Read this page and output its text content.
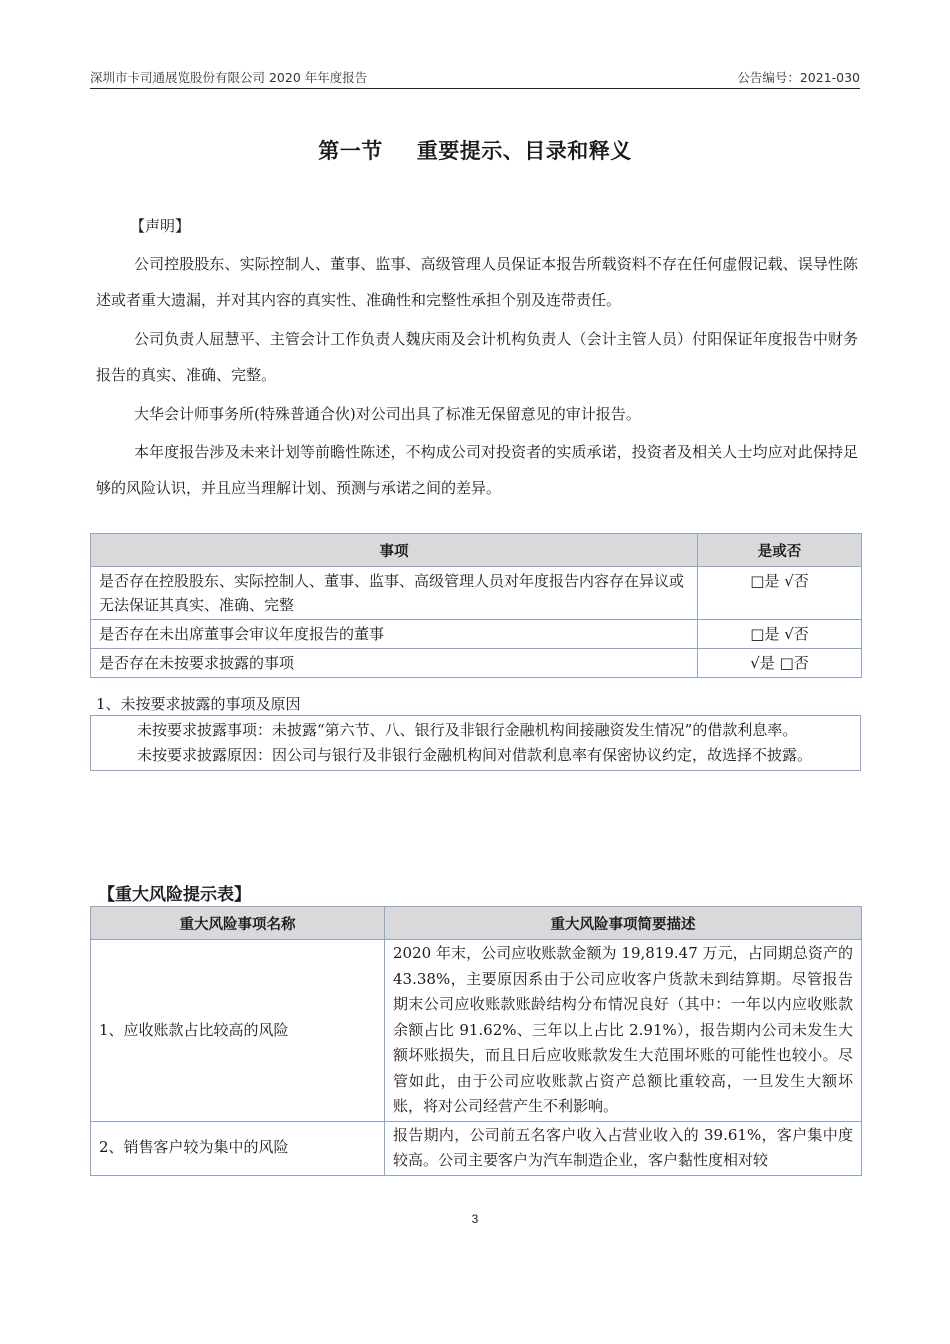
深圳市卡司通展览股份有限公司 2020 年年度报告	公告编号：2021-030
第一节 重要提示、目录和释义
【声明】
公司控股股东、实际控制人、董事、监事、高级管理人员保证本报告所载资料不存在任何虚假记载、误导性陈述或者重大遗漏，并对其内容的真实性、准确性和完整性承担个别及连带责任。
公司负责人屈慧平、主管会计工作负责人魏庆雨及会计机构负责人（会计主管人员）付阳保证年度报告中财务报告的真实、准确、完整。
大华会计师事务所(特殊普通合伙)对公司出具了标准无保留意见的审计报告。
本年度报告涉及未来计划等前瞻性陈述，不构成公司对投资者的实质承诺，投资者及相关人士均应对此保持足够的风险认识，并且应当理解计划、预测与承诺之间的差异。
事项	是或否
是否存在控股股东、实际控制人、董事、监事、高级管理人员对年度报告内容存在异议或无法保证其真实、准确、完整	□是 √否
是否存在未出席董事会审议年度报告的董事	□是 √否
是否存在未按要求披露的事项	√是 □否
1、未按要求披露的事项及原因

未按要求披露事项：未披露“第六节、八、银行及非银行金融机构间接融资发生情况”的借款利息率。

未按要求披露原因：因公司与银行及非银行金融机构间对借款利息率有保密协议约定，故选择不披露。

【重大风险提示表】
重大风险事项名称	重大风险事项简要描述
1、应收账款占比较高的风险	2020 年末，公司应收账款金额为 19,819.47 万元，占同期总资产的 43.38%，主要原因系由于公司应收客户货款未到结算期。尽管报告期末公司应收账款账龄结构分布情况良好（其中：一年以内应收账款余额占比 91.62%、三年以上占比 2.91%），报告期内公司未发生大额坏账损失，而且日后应收账款发生大范围坏账的可能性也较小。尽管如此，由于公司应收账款占资产总额比重较高，一旦发生大额坏账，将对公司经营产生不利影响。
2、销售客户较为集中的风险	报告期内，公司前五名客户收入占营业收入的 39.61%，客户集中度较高。公司主要客户为汽车制造企业，客户黏性度相对较
3
